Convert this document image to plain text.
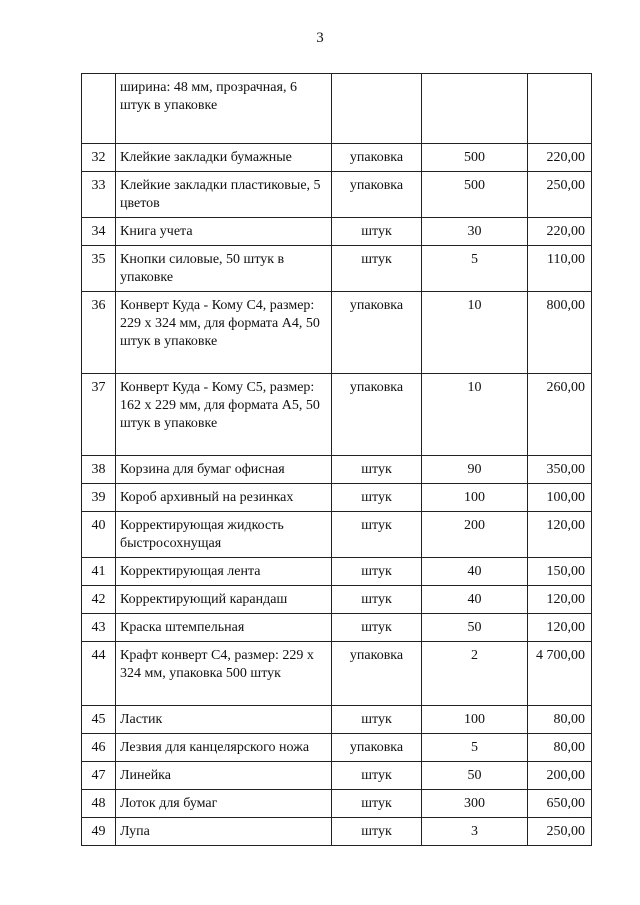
3
	ширина: 48 мм, прозрачная, 6 штук в упаковке			
32	Клейкие закладки бумажные	упаковка	500	220,00
33	Клейкие закладки пластиковые, 5 цветов	упаковка	500	250,00
34	Книга учета	штук	30	220,00
35	Кнопки силовые, 50 штук в упаковке	штук	5	110,00
36	Конверт Куда - Кому С4, размер: 229 х 324 мм, для формата А4, 50 штук в упаковке	упаковка	10	800,00
37	Конверт Куда - Кому С5, размер: 162 х 229 мм, для формата А5, 50 штук в упаковке	упаковка	10	260,00
38	Корзина для бумаг офисная	штук	90	350,00
39	Короб архивный на резинках	штук	100	100,00
40	Корректирующая жидкость быстросохнущая	штук	200	120,00
41	Корректирующая лента	штук	40	150,00
42	Корректирующий карандаш	штук	40	120,00
43	Краска штемпельная	штук	50	120,00
44	Крафт конверт С4, размер: 229 х 324 мм, упаковка 500 штук	упаковка	2	4 700,00
45	Ластик	штук	100	80,00
46	Лезвия для канцелярского ножа	упаковка	5	80,00
47	Линейка	штук	50	200,00
48	Лоток для бумаг	штук	300	650,00
49	Лупа	штук	3	250,00
